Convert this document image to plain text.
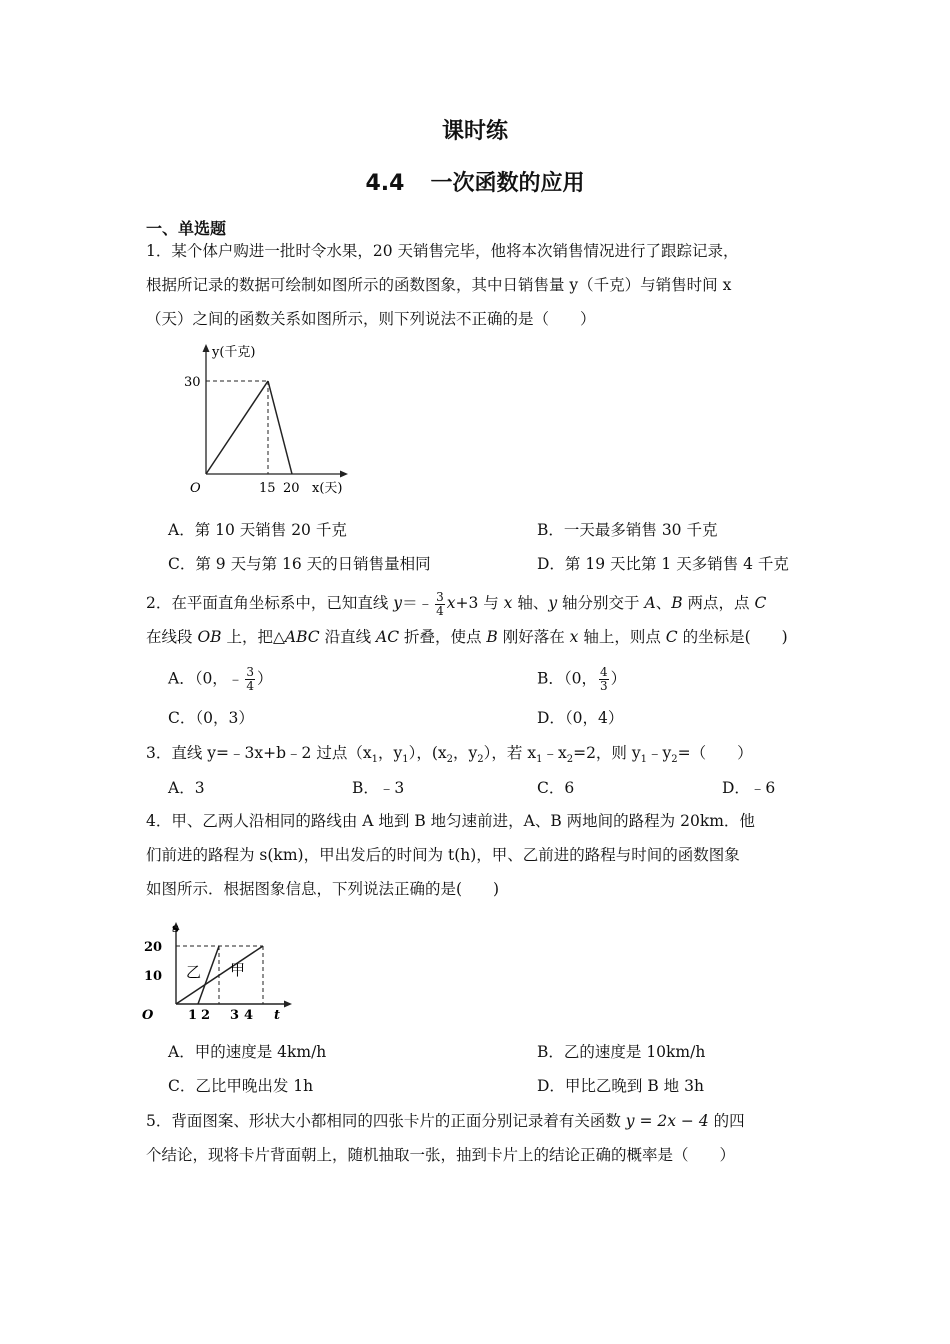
课时练
4.4 一次函数的应用
一、单选题
1．某个体户购进一批时令水果，20 天销售完毕，他将本次销售情况进行了跟踪记录，
根据所记录的数据可绘制如图所示的函数图象，其中日销售量 y（千克）与销售时间 x
（天）之间的函数关系如图所示，则下列说法不正确的是（　　）
y(千克)
30
O	15 20 x(天)
A．第 10 天销售 20 千克	B．一天最多销售 30 千克
C．第 9 天与第 16 天的日销售量相同	D．第 19 天比第 1 天多销售 4 千克
2．在平面直角坐标系中，已知直线 y＝﹣ $\frac{3}{4} x+3$ 与 x 轴、y 轴分别交于 A、B 两点，点 C
在线段 OB 上，把△ABC 沿直线 AC 折叠，使点 B 刚好落在 x 轴上，则点 C 的坐标是(　　)
A．（0，﹣ $\frac{3}{4}$ ）	B．（0， $\frac{4}{3}$ ）
C．（0，3）	D．（0，4）
3．直线 y=﹣3x+b﹣2 过点（$x_1$，$y_1$），($x_2$，$y_2$），若 $x_1﹣x_2=2$，则 $y_1﹣y_2=$（　　）
A．3	B．﹣3	C．6	D．﹣6
4．甲、乙两人沿相同的路线由 A 地到 B 地匀速前进，A、B 两地间的路程为 20km．他
们前进的路程为 s(km)，甲出发后的时间为 t(h)，甲、乙前进的路程与时间的函数图象
如图所示．根据图象信息，下列说法正确的是(　　)
s
20
10
O	1 2 3 4 t
乙 甲
A．甲的速度是 4km/h	B．乙的速度是 10km/h
C．乙比甲晚出发 1h	D．甲比乙晚到 B 地 3h
5．背面图案、形状大小都相同的四张卡片的正面分别记录着有关函数 y = 2x − 4 的四
个结论，现将卡片背面朝上，随机抽取一张，抽到卡片上的结论正确的概率是（　　）
